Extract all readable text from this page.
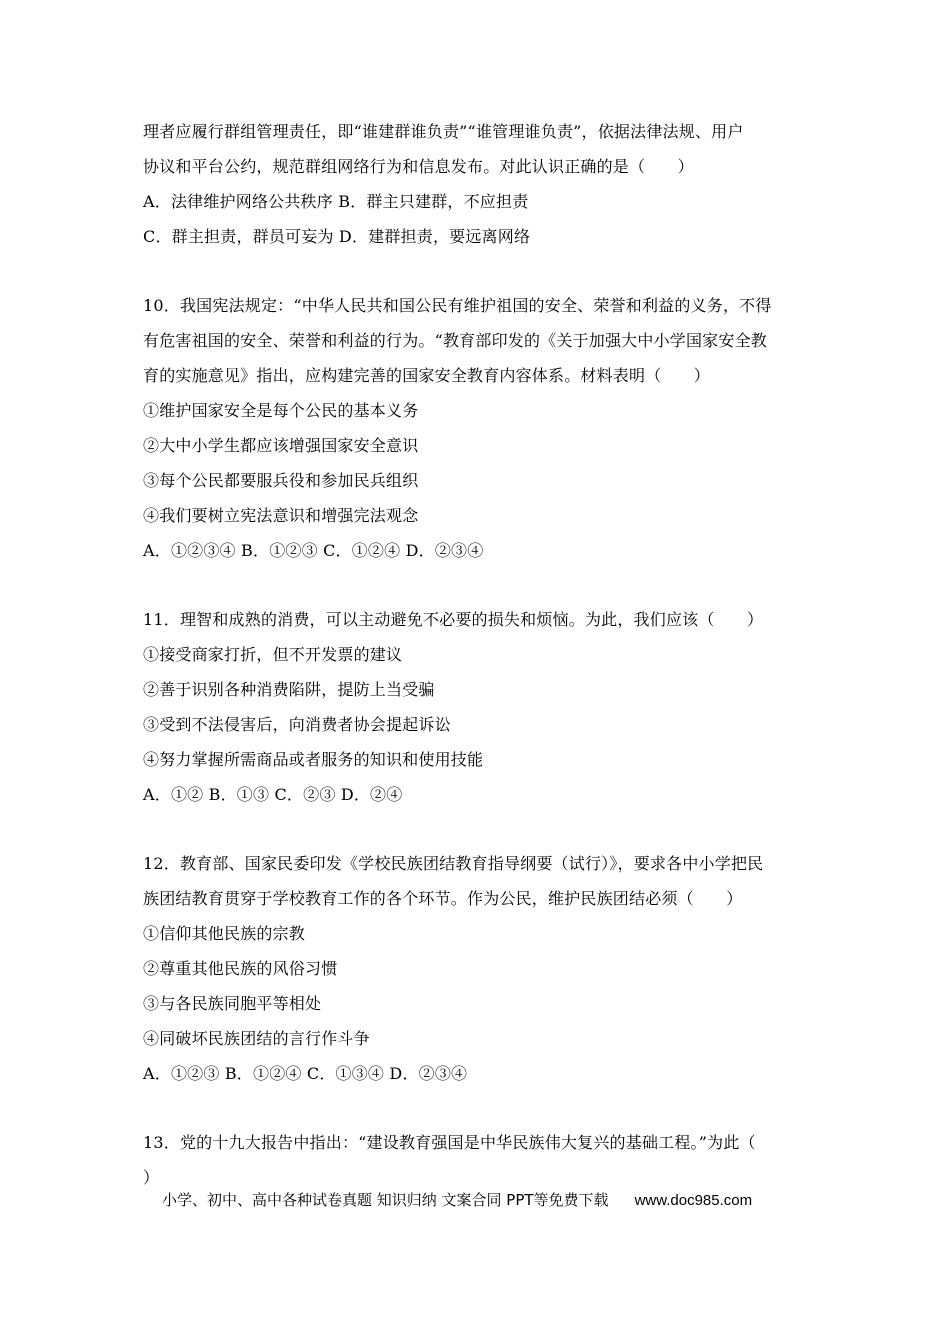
理者应履行群组管理责任，即“谁建群谁负责”“谁管理谁负责”，依据法律法规、用户
协议和平台公约，规范群组网络行为和信息发布。对此认识正确的是（　　）
A．法律维护网络公共秩序 B．群主只建群，不应担责
C．群主担责，群员可妄为 D．建群担责，要远离网络
10．我国宪法规定：“中华人民共和国公民有维护祖国的安全、荣誉和利益的义务，不得
有危害祖国的安全、荣誉和利益的行为。“教育部印发的《关于加强大中小学国家安全教
育的实施意见》指出，应构建完善的国家安全教育内容体系。材料表明（　　）
①维护国家安全是每个公民的基本义务
②大中小学生都应该增强国家安全意识
③每个公民都要服兵役和参加民兵组织
④我们要树立宪法意识和增强完法观念
A．①②③④ B．①②③ C．①②④ D．②③④
11．理智和成熟的消费，可以主动避免不必要的损失和烦恼。为此，我们应该（　　）
①接受商家打折，但不开发票的建议
②善于识别各种消费陷阱，提防上当受骗
③受到不法侵害后，向消费者协会提起诉讼
④努力掌握所需商品或者服务的知识和使用技能
A．①② B．①③ C．②③ D．②④
12．教育部、国家民委印发《学校民族团结教育指导纲要（试行）》，要求各中小学把民
族团结教育贯穿于学校教育工作的各个环节。作为公民，维护民族团结必须（　　）
①信仰其他民族的宗教
②尊重其他民族的风俗习惯
③与各民族同胞平等相处
④同破坏民族团结的言行作斗争
A．①②③ B．①②④ C．①③④ D．②③④
13．党的十九大报告中指出：“建设教育强国是中华民族伟大复兴的基础工程。”为此（
）
小学、初中、高中各种试卷真题 知识归纳 文案合同 PPT等免费下载 www.doc985.com
